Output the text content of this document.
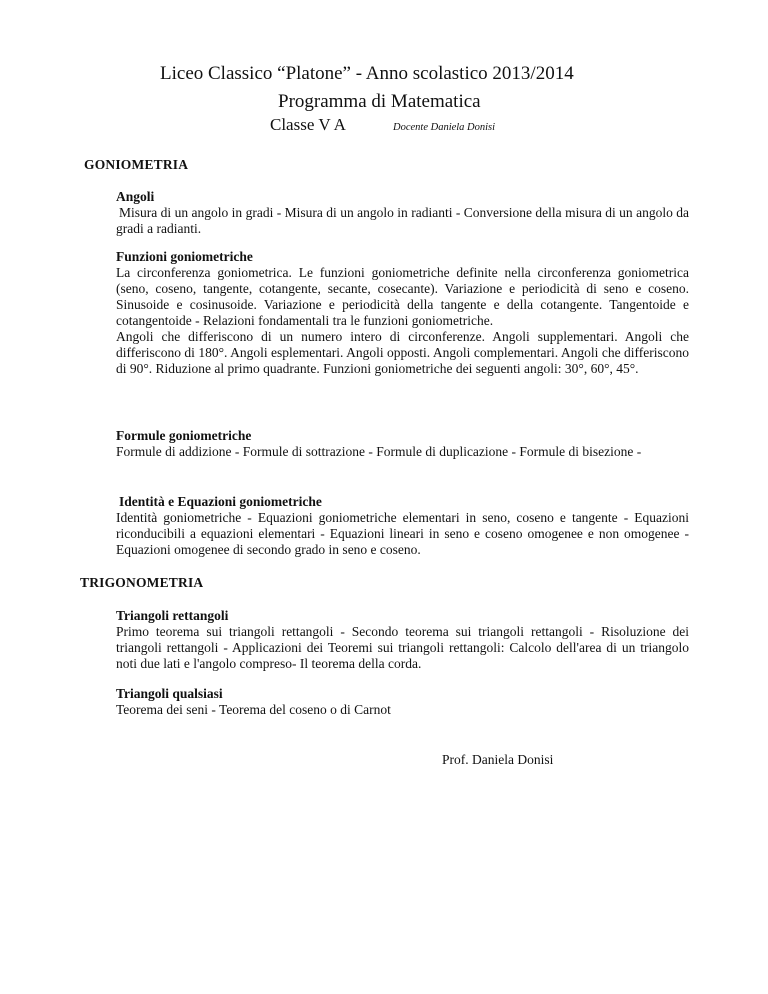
Liceo Classico “Platone” - Anno scolastico 2013/2014
Programma di Matematica
Classe V A	Docente Daniela Donisi
GONIOMETRIA
Angoli

Misura di un angolo in gradi - Misura di un angolo in radianti - Conversione della misura di un angolo da gradi a radianti.

Funzioni goniometriche

La circonferenza goniometrica. Le funzioni goniometriche definite nella circonferenza goniometrica (seno, coseno, tangente, cotangente, secante, cosecante). Variazione e periodicità di seno e coseno. Sinusoide e cosinusoide. Variazione e periodicità della tangente e della cotangente. Tangentoide e cotangentoide - Relazioni fondamentali tra le funzioni goniometriche.

Angoli che differiscono di un numero intero di circonferenze. Angoli supplementari. Angoli che differiscono di 180°. Angoli esplementari. Angoli opposti. Angoli complementari. Angoli che differiscono di 90°. Riduzione al primo quadrante. Funzioni goniometriche dei seguenti angoli: 30°, 60°, 45°.

Formule goniometriche

Formule di addizione - Formule di sottrazione - Formule di duplicazione - Formule di bisezione -

Identità e Equazioni goniometriche

Identità goniometriche - Equazioni goniometriche elementari in seno, coseno e tangente - Equazioni riconducibili a equazioni elementari - Equazioni lineari in seno e coseno omogenee e non omogenee - Equazioni omogenee di secondo grado in seno e coseno.

TRIGONOMETRIA
Triangoli rettangoli

Primo teorema sui triangoli rettangoli - Secondo teorema sui triangoli rettangoli - Risoluzione dei triangoli rettangoli - Applicazioni dei Teoremi sui triangoli rettangoli: Calcolo dell'area di un triangolo noti due lati e l'angolo compreso- Il teorema della corda.

Triangoli qualsiasi

Teorema dei seni - Teorema del coseno o di Carnot

Prof. Daniela Donisi
